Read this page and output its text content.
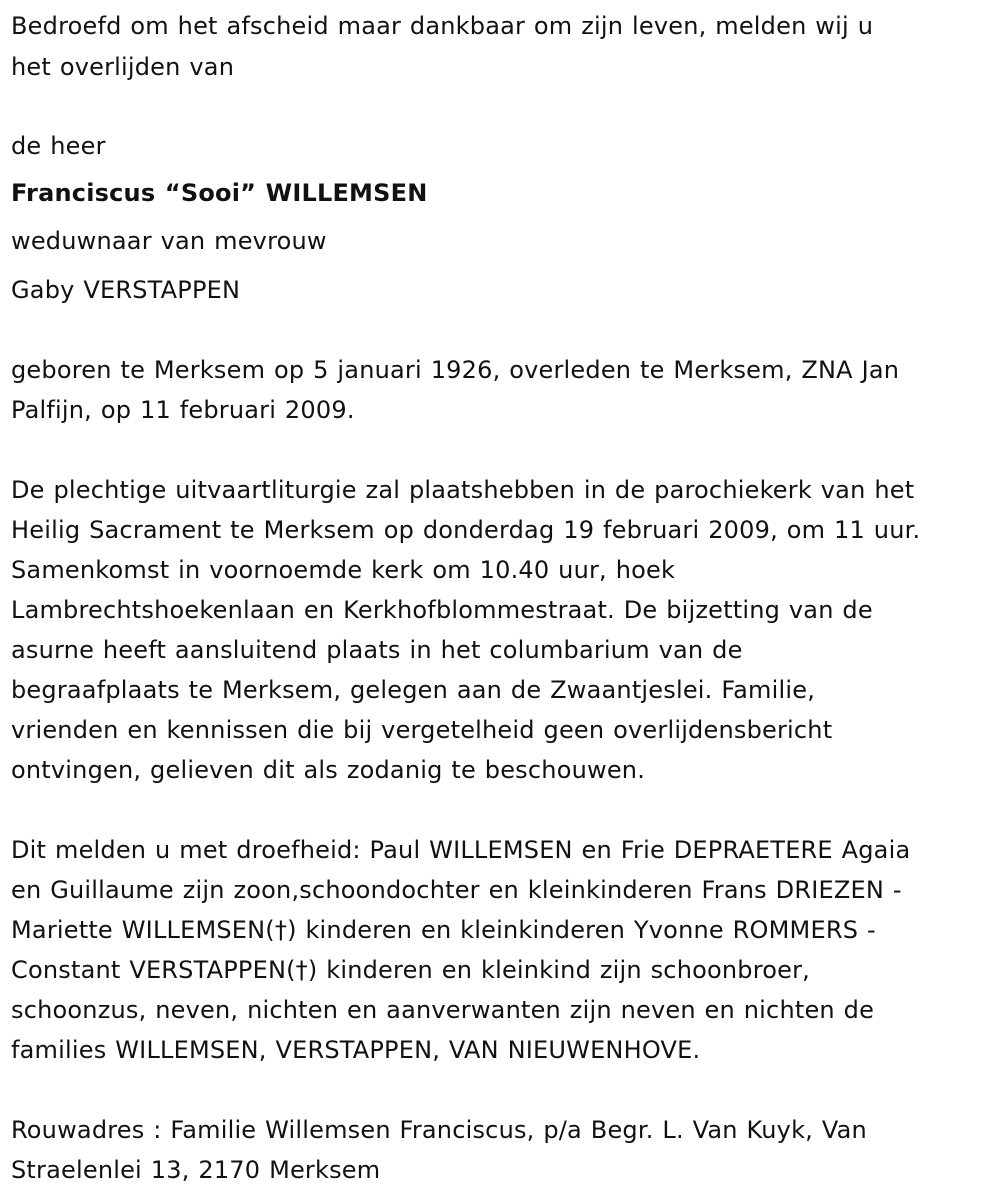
Bedroefd om het afscheid maar dankbaar om zijn leven, melden wij u
het overlijden van
de heer
Franciscus “Sooi” WILLEMSEN
weduwnaar van mevrouw
Gaby VERSTAPPEN
geboren te Merksem op 5 januari 1926, overleden te Merksem, ZNA Jan
Palfijn, op 11 februari 2009.
De plechtige uitvaartliturgie zal plaatshebben in de parochiekerk van het
Heilig Sacrament te Merksem op donderdag 19 februari 2009, om 11 uur.
Samenkomst in voornoemde kerk om 10.40 uur, hoek
Lambrechtshoekenlaan en Kerkhofblommestraat. De bijzetting van de
asurne heeft aansluitend plaats in het columbarium van de
begraafplaats te Merksem, gelegen aan de Zwaantjeslei. Familie,
vrienden en kennissen die bij vergetelheid geen overlijdensbericht
ontvingen, gelieven dit als zodanig te beschouwen.
Dit melden u met droefheid: Paul WILLEMSEN en Frie DEPRAETERE Agaia
en Guillaume zijn zoon,schoondochter en kleinkinderen Frans DRIEZEN -
Mariette WILLEMSEN(†) kinderen en kleinkinderen Yvonne ROMMERS -
Constant VERSTAPPEN(†) kinderen en kleinkind zijn schoonbroer,
schoonzus, neven, nichten en aanverwanten zijn neven en nichten de
families WILLEMSEN, VERSTAPPEN, VAN NIEUWENHOVE.
Rouwadres : Familie Willemsen Franciscus, p/a Begr. L. Van Kuyk, Van
Straelenlei 13, 2170 Merksem
